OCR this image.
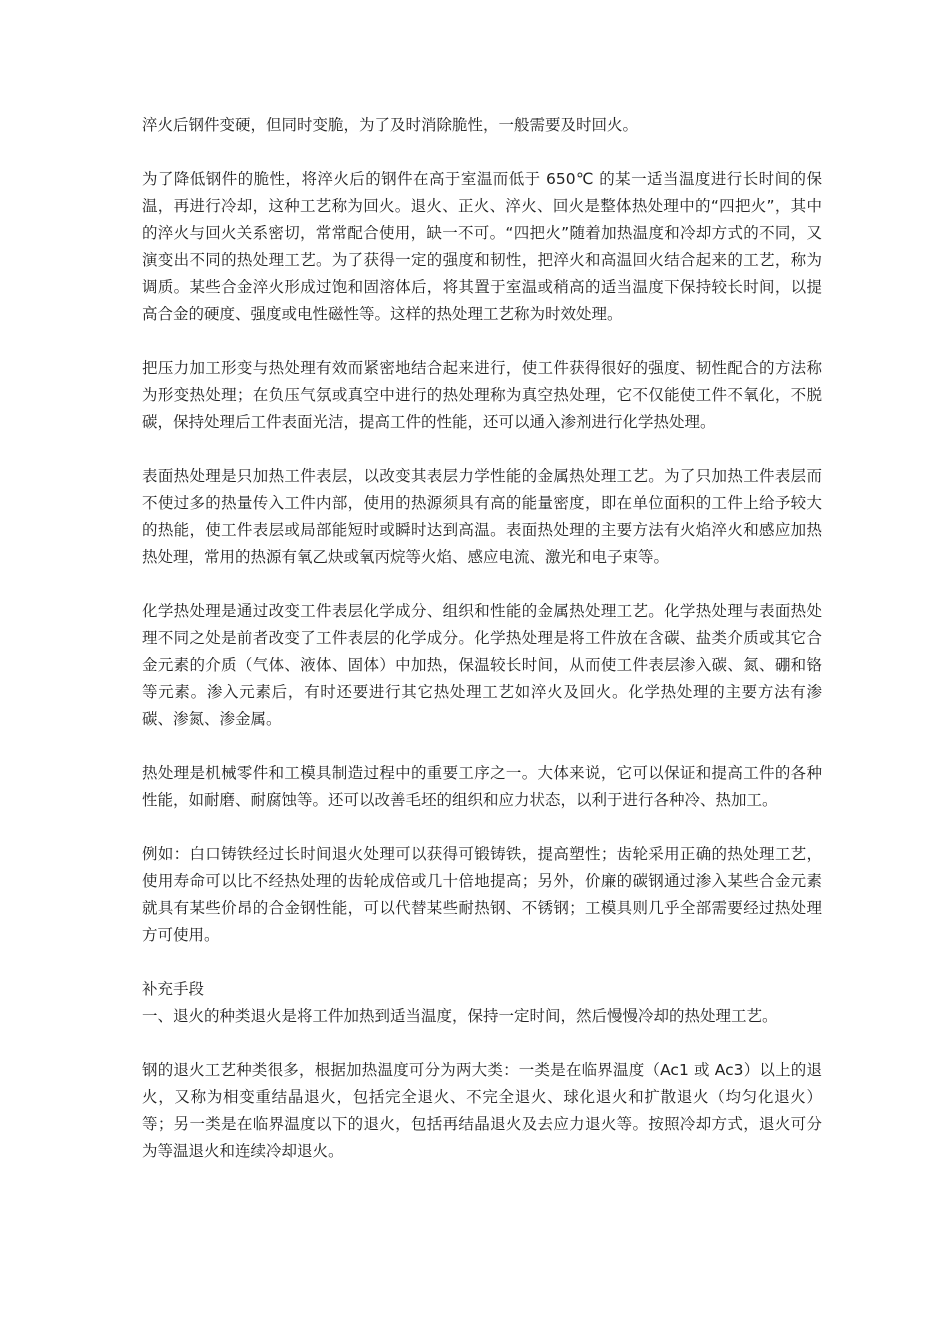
淬火后钢件变硬，但同时变脆，为了及时消除脆性，一般需要及时回火。

为了降低钢件的脆性，将淬火后的钢件在高于室温而低于 650℃ 的某一适当温度进行长时间的保温，再进行冷却，这种工艺称为回火。退火、正火、淬火、回火是整体热处理中的“四把火”，其中的淬火与回火关系密切，常常配合使用，缺一不可。“四把火”随着加热温度和冷却方式的不同，又演变出不同的热处理工艺。为了获得一定的强度和韧性，把淬火和高温回火结合起来的工艺，称为调质。某些合金淬火形成过饱和固溶体后，将其置于室温或稍高的适当温度下保持较长时间，以提高合金的硬度、强度或电性磁性等。这样的热处理工艺称为时效处理。

把压力加工形变与热处理有效而紧密地结合起来进行，使工件获得很好的强度、韧性配合的方法称为形变热处理；在负压气氛或真空中进行的热处理称为真空热处理，它不仅能使工件不氧化，不脱碳，保持处理后工件表面光洁，提高工件的性能，还可以通入渗剂进行化学热处理。

表面热处理是只加热工件表层，以改变其表层力学性能的金属热处理工艺。为了只加热工件表层而不使过多的热量传入工件内部，使用的热源须具有高的能量密度，即在单位面积的工件上给予较大的热能，使工件表层或局部能短时或瞬时达到高温。表面热处理的主要方法有火焰淬火和感应加热热处理，常用的热源有氧乙炔或氧丙烷等火焰、感应电流、激光和电子束等。

化学热处理是通过改变工件表层化学成分、组织和性能的金属热处理工艺。化学热处理与表面热处理不同之处是前者改变了工件表层的化学成分。化学热处理是将工件放在含碳、盐类介质或其它合金元素的介质（气体、液体、固体）中加热，保温较长时间，从而使工件表层渗入碳、氮、硼和铬等元素。渗入元素后，有时还要进行其它热处理工艺如淬火及回火。化学热处理的主要方法有渗碳、渗氮、渗金属。

热处理是机械零件和工模具制造过程中的重要工序之一。大体来说，它可以保证和提高工件的各种性能，如耐磨、耐腐蚀等。还可以改善毛坯的组织和应力状态，以利于进行各种冷、热加工。

例如：白口铸铁经过长时间退火处理可以获得可锻铸铁，提高塑性；齿轮采用正确的热处理工艺，使用寿命可以比不经热处理的齿轮成倍或几十倍地提高；另外，价廉的碳钢通过渗入某些合金元素就具有某些价昂的合金钢性能，可以代替某些耐热钢、不锈钢；工模具则几乎全部需要经过热处理方可使用。

补充手段

一、退火的种类退火是将工件加热到适当温度，保持一定时间，然后慢慢冷却的热处理工艺。

钢的退火工艺种类很多，根据加热温度可分为两大类：一类是在临界温度（Ac1 或 Ac3）以上的退火，又称为相变重结晶退火，包括完全退火、不完全退火、球化退火和扩散退火（均匀化退火）等；另一类是在临界温度以下的退火，包括再结晶退火及去应力退火等。按照冷却方式，退火可分为等温退火和连续冷却退火。
